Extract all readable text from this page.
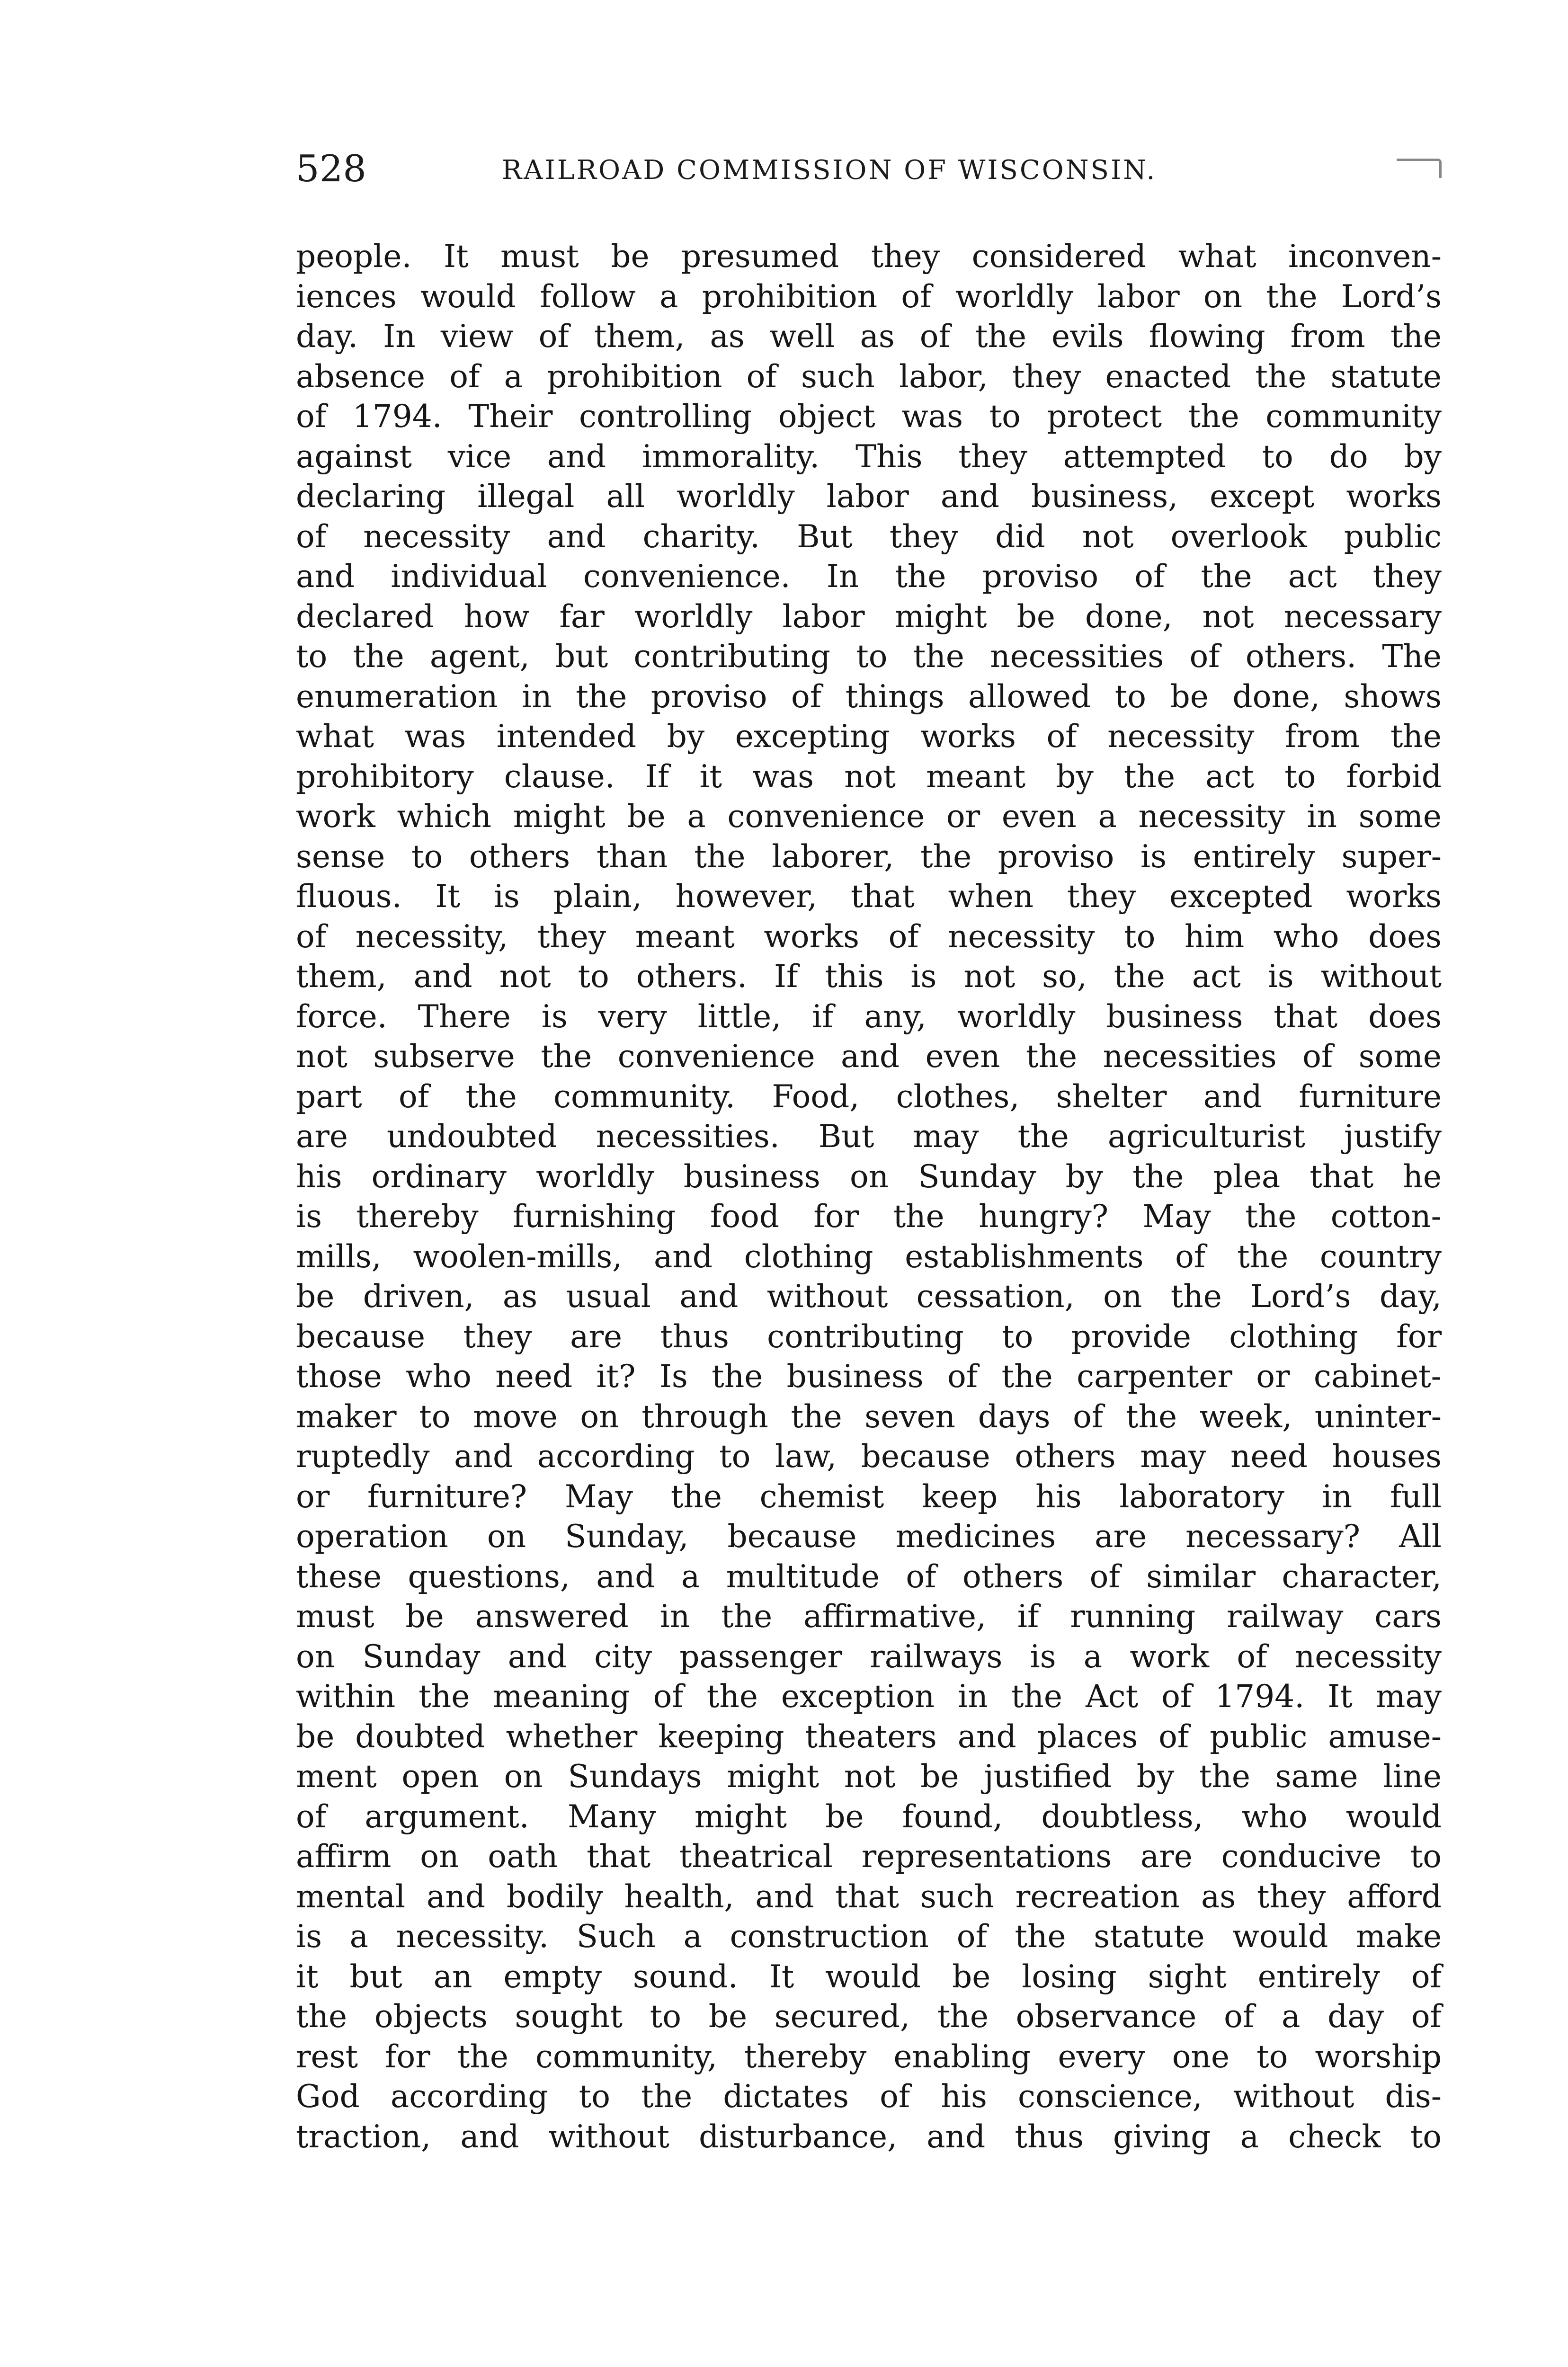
528	RAILROAD COMMISSION OF WISCONSIN.
people. It must be presumed they considered what inconven-
iences would follow a prohibition of worldly labor on the Lord’s
day. In view of them, as well as of the evils flowing from the
absence of a prohibition of such labor, they enacted the statute
of 1794. Their controlling object was to protect the community
against vice and immorality. This they attempted to do by
declaring illegal all worldly labor and business, except works
of necessity and charity. But they did not overlook public
and individual convenience. In the proviso of the act they
declared how far worldly labor might be done, not necessary
to the agent, but contributing to the necessities of others. The
enumeration in the proviso of things allowed to be done, shows
what was intended by excepting works of necessity from the
prohibitory clause. If it was not meant by the act to forbid
work which might be a convenience or even a necessity in some
sense to others than the laborer, the proviso is entirely super-
fluous. It is plain, however, that when they excepted works
of necessity, they meant works of necessity to him who does
them, and not to others. If this is not so, the act is without
force. There is very little, if any, worldly business that does
not subserve the convenience and even the necessities of some
part of the community. Food, clothes, shelter and furniture
are undoubted necessities. But may the agriculturist justify
his ordinary worldly business on Sunday by the plea that he
is thereby furnishing food for the hungry? May the cotton-
mills, woolen-mills, and clothing establishments of the country
be driven, as usual and without cessation, on the Lord’s day,
because they are thus contributing to provide clothing for
those who need it? Is the business of the carpenter or cabinet-
maker to move on through the seven days of the week, uninter-
ruptedly and according to law, because others may need houses
or furniture? May the chemist keep his laboratory in full
operation on Sunday, because medicines are necessary? All
these questions, and a multitude of others of similar character,
must be answered in the affirmative, if running railway cars
on Sunday and city passenger railways is a work of necessity
within the meaning of the exception in the Act of 1794. It may
be doubted whether keeping theaters and places of public amuse-
ment open on Sundays might not be justified by the same line
of argument. Many might be found, doubtless, who would
affirm on oath that theatrical representations are conducive to
mental and bodily health, and that such recreation as they afford
is a necessity. Such a construction of the statute would make
it but an empty sound. It would be losing sight entirely of
the objects sought to be secured, the observance of a day of
rest for the community, thereby enabling every one to worship
God according to the dictates of his conscience, without dis-
traction, and without disturbance, and thus giving a check to
